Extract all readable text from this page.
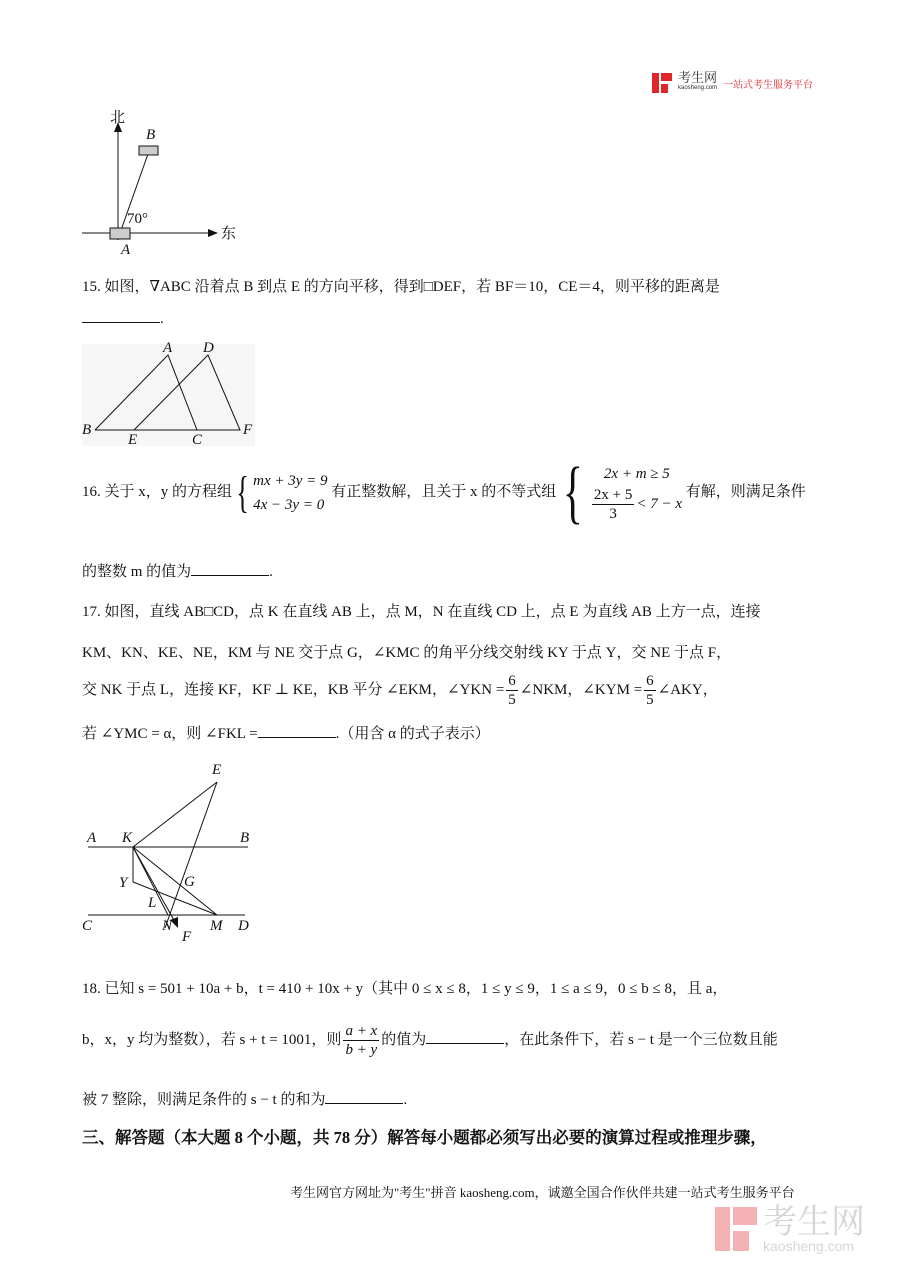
考生网
kaosheng.com 一站式考生服务平台
北
东
B
A
70°
15. 如图，∇ABC 沿着点 B 到点 E 的方向平移，得到□DEF，若 BF＝10，CE＝4，则平移的距离是
.
A D
B
E	C
F
16. 关于 x，y 的方程组{ mx + 3y = 9
4x − 3y = 0 有正整数解，且关于 x 的不等式组{ 2x + m ≥ 5

$\frac{2x + 5}{3} < 7 - x$ 有解，则满足条件
的整数 m 的值为	.
17. 如图，直线 AB□CD，点 K 在直线 AB 上，点 M，N 在直线 CD 上，点 E 为直线 AB 上方一点，连接
KM、KN、KE、NE，KM 与 NE 交于点 G，∠KMC 的角平分线交射线 KY 于点 Y，交 NE 于点 F，
交 NK 于点 L，连接 KF，KF ⊥ KE，KB 平分 ∠EKM，∠YKN = $\frac{6}{5}$ ∠NKM，∠KYM = $\frac{6}{5}$ ∠AKY，
若 ∠YMC = α，则 ∠FKL =	.（用含 α 的式子表示）
E
A K	B
Y	G
L
C	N	M D
F
18. 已知 s = 501 + 10a + b，t = 410 + 10x + y（其中 0 ≤ x ≤ 8，1 ≤ y ≤ 9，1 ≤ a ≤ 9，0 ≤ b ≤ 8，且 a，
b，x，y 均为整数），若 s + t = 1001，则 $\frac{a + x}{b + y}$ 的值为	，在此条件下，若 s − t 是一个三位数且能
被 7 整除，则满足条件的 s − t 的和为	.
三、解答题（本大题 8 个小题，共 78 分）解答每小题都必须写出必要的演算过程或推理步骤，
考生网官方网址为"考生"拼音 kaosheng.com，诚邀全国合作伙伴共建一站式考生服务平台
考生网
kaosheng.com
